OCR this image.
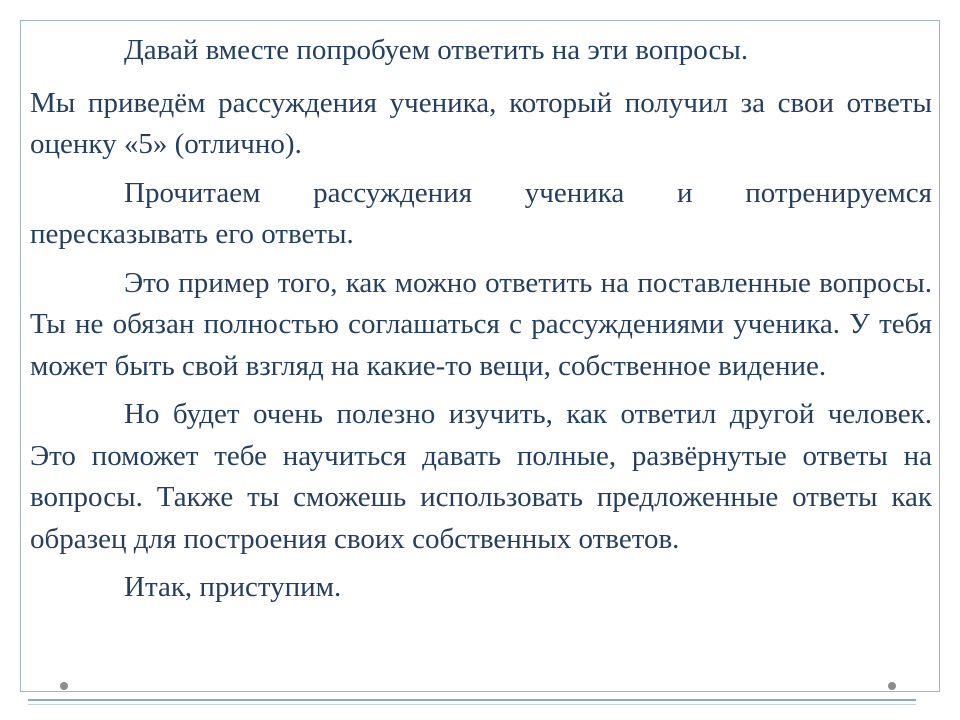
Давай вместе попробуем ответить на эти вопросы.

Мы приведём рассуждения ученика, который получил за свои ответы оценку «5» (отлично).

Прочитаем рассуждения ученика и потренируемся пересказывать его ответы.

Это пример того, как можно ответить на поставленные вопросы. Ты не обязан полностью соглашаться с рассуждениями ученика. У тебя может быть свой взгляд на какие-то вещи, собственное видение.

Но будет очень полезно изучить, как ответил другой человек. Это поможет тебе научиться давать полные, развёрнутые ответы на вопросы. Также ты сможешь использовать предложенные ответы как образец для построения своих собственных ответов.

Итак, приступим.
